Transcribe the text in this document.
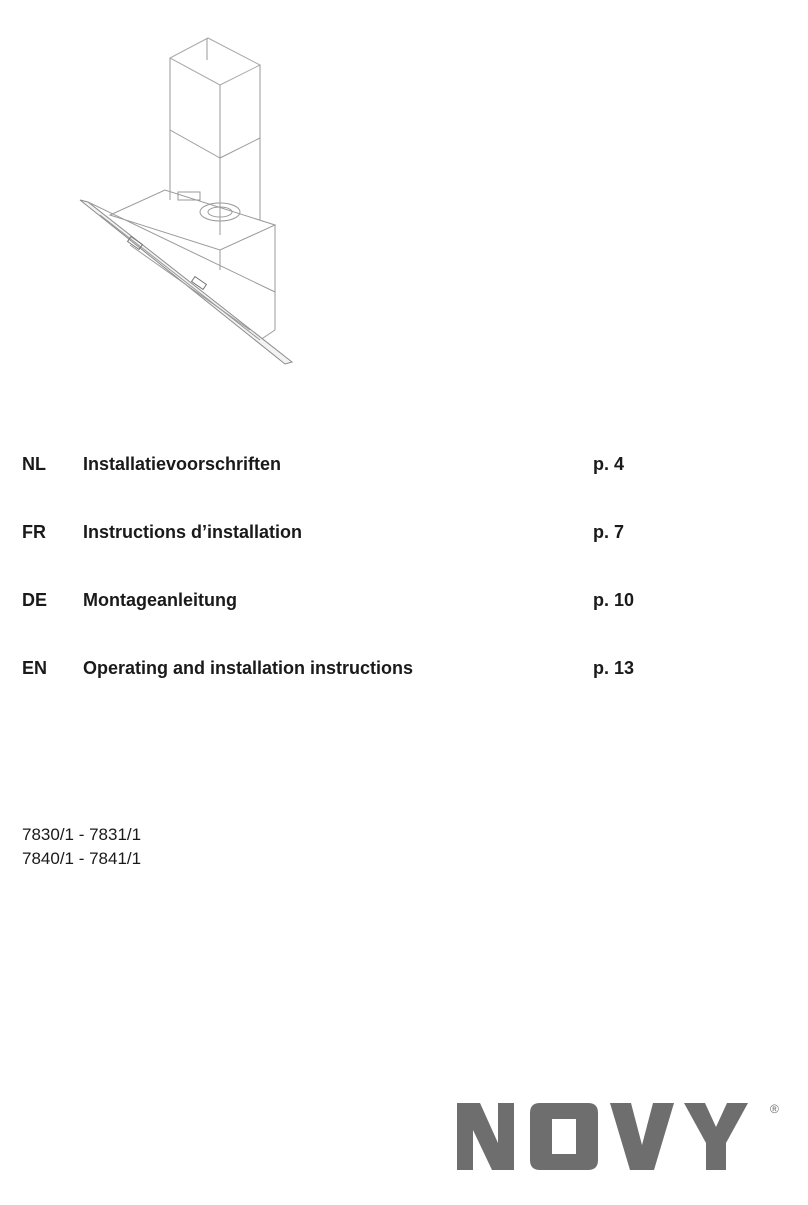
NL Installatievoorschriften	p. 4
FR Instructions d’installation	p. 7
DE Montageanleitung	p. 10
EN Operating and installation instructions	p. 13
7830/1 - 7831/1
7840/1 - 7841/1
®
